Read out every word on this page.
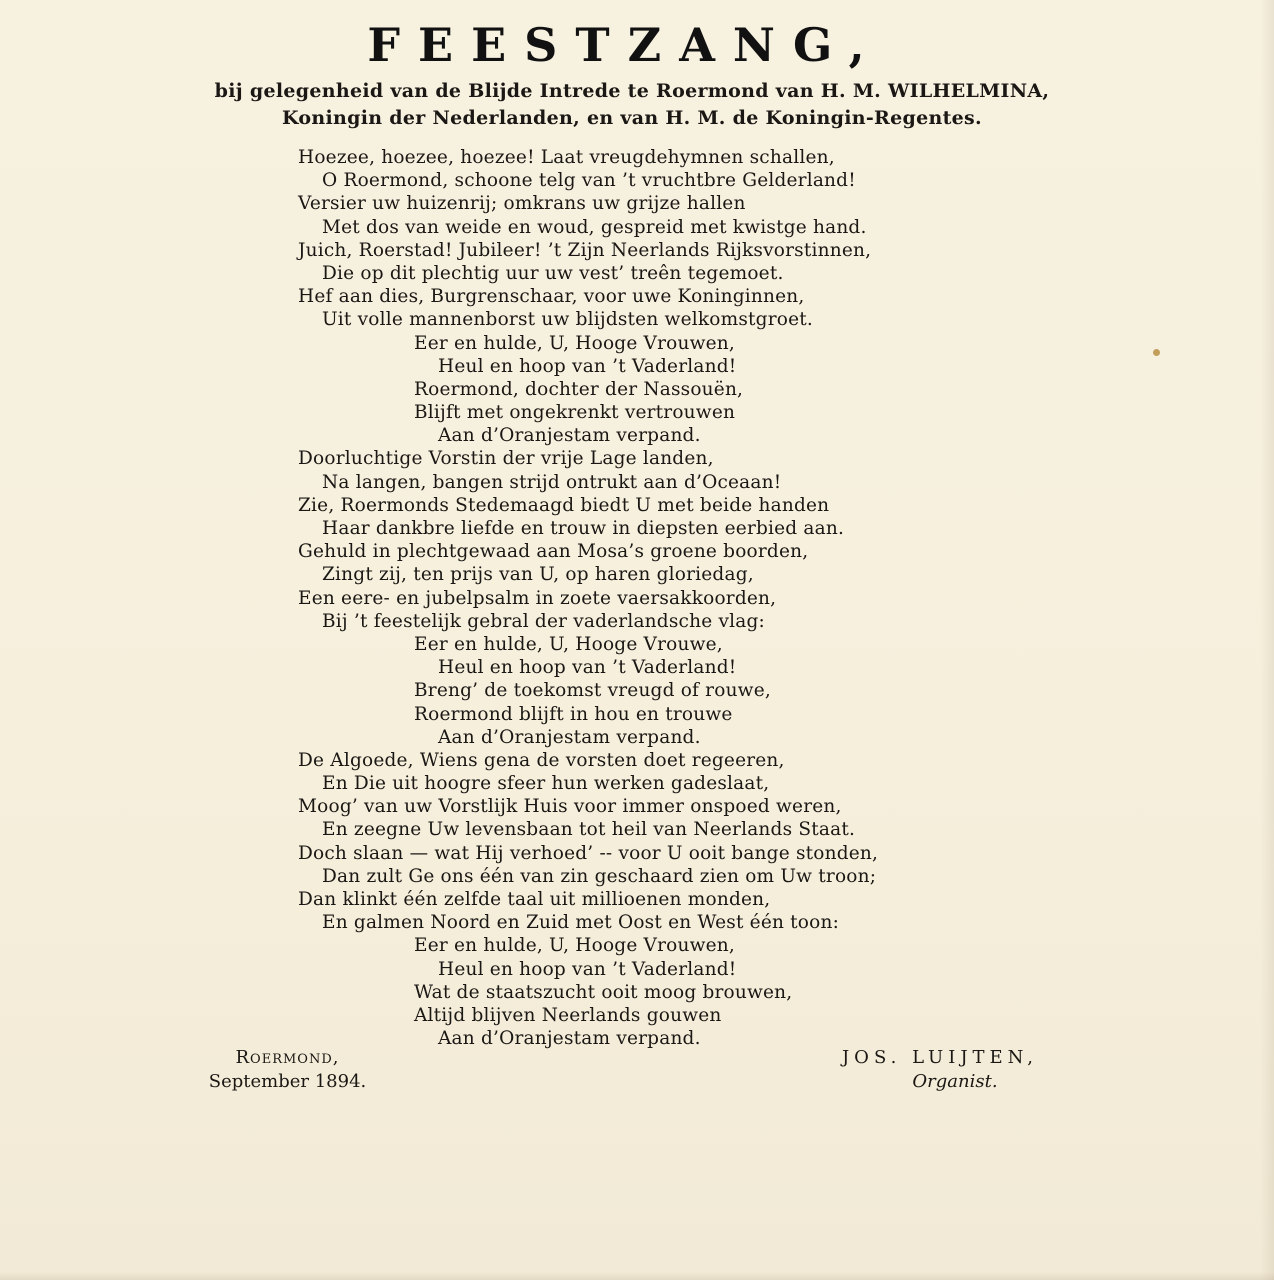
FEESTZANG,
bij gelegenheid van de Blijde Intrede te Roermond van H. M. WILHELMINA,
Koningin der Nederlanden, en van H. M. de Koningin-Regentes.
Hoezee, hoezee, hoezee! Laat vreugdehymnen schallen,
O Roermond, schoone telg van ’t vruchtbre Gelderland!
Versier uw huizenrij; omkrans uw grijze hallen
Met dos van weide en woud, gespreid met kwistge hand.
Juich, Roerstad! Jubileer! ’t Zijn Neerlands Rijksvorstinnen,
Die op dit plechtig uur uw vest’ treên tegemoet.
Hef aan dies, Burgrenschaar, voor uwe Koninginnen,
Uit volle mannenborst uw blijdsten welkomstgroet.
Eer en hulde, U, Hooge Vrouwen,
Heul en hoop van ’t Vaderland!
Roermond, dochter der Nassouën,
Blijft met ongekrenkt vertrouwen
Aan d’Oranjestam verpand.
Doorluchtige Vorstin der vrije Lage landen,
Na langen, bangen strijd ontrukt aan d’Oceaan!
Zie, Roermonds Stedemaagd biedt U met beide handen
Haar dankbre liefde en trouw in diepsten eerbied aan.
Gehuld in plechtgewaad aan Mosa’s groene boorden,
Zingt zij, ten prijs van U, op haren gloriedag,
Een eere- en jubelpsalm in zoete vaersakkoorden,
Bij ’t feestelijk gebral der vaderlandsche vlag:
Eer en hulde, U, Hooge Vrouwe,
Heul en hoop van ’t Vaderland!
Breng’ de toekomst vreugd of rouwe,
Roermond blijft in hou en trouwe
Aan d’Oranjestam verpand.
De Algoede, Wiens gena de vorsten doet regeeren,
En Die uit hoogre sfeer hun werken gadeslaat,
Moog’ van uw Vorstlijk Huis voor immer onspoed weren,
En zeegne Uw levensbaan tot heil van Neerlands Staat.
Doch slaan — wat Hij verhoed’ -- voor U ooit bange stonden,
Dan zult Ge ons één van zin geschaard zien om Uw troon;
Dan klinkt één zelfde taal uit millioenen monden,
En galmen Noord en Zuid met Oost en West één toon:
Eer en hulde, U, Hooge Vrouwen,
Heul en hoop van ’t Vaderland!
Wat de staatszucht ooit moog brouwen,
Altijd blijven Neerlands gouwen
Aan d’Oranjestam verpand.
Roermond,
September 1894.
JOS. LUIJTEN,
Organist.
